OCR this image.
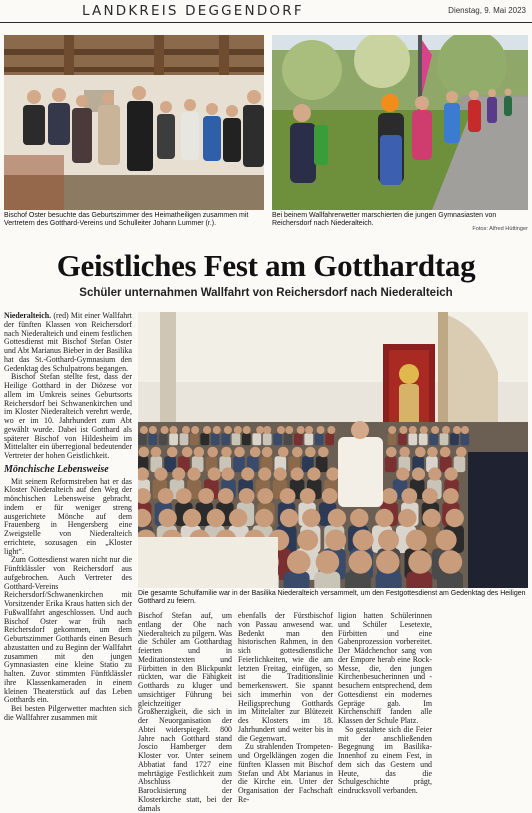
LANDKREIS DEGGENDORF	Dienstag, 9. Mai 2023
Bischof Oster besuchte das Geburtszimmer des Heimatheiligen zusammen mit Vertretern des Gotthard-Vereins und Schulleiter Johann Lummer (r.).
Bei beinem Wallfahrerwetter marschierten die jungen Gymnasiasten von Reichersdorf nach Niederalteich.
Fotos: Alfred Hüttinger
Geistliches Fest am Gotthardtag
Schüler unternahmen Wallfahrt von Reichersdorf nach Niederalteich

Niederalteich. (red) Mit einer Wallfahrt der fünften Klassen von Reichersdorf nach Niederalteich und einem festlichen Gottesdienst mit Bischof Stefan Oster und Abt Marianus Bieber in der Basilika hat das St.-Gotthard-Gymnasium den Gedenktag des Schulpatrons begangen.

Bischof Stefan stellte fest, dass der Heilige Gotthard in der Diözese vor allem im Umkreis seines Geburtsorts Reichersdorf bei Schwanenkirchen und im Kloster Niederalteich verehrt werde, wo er im 10. Jahrhundert zum Abt gewählt wurde. Dabei ist Gotthard als späterer Bischof von Hildesheim im Mittelalter ein überregional bedeutender Vertreter der hohen Geistlichkeit.

Mönchische Lebensweise

Mit seinem Reformstreben hat er das Kloster Niederalteich auf den Weg der mönchischen Lebensweise gebracht, indem er für weniger streng ausgerichtete Mönche auf dem Frauenberg in Hengersberg eine Zweigstelle von Niederalteich errichtete, sozusagen ein „Kloster light“.

Zum Gottesdienst waren nicht nur die Fünftklässler von Reichersdorf aus aufgebrochen. Auch Vertreter des Gotthard-Vereins Reichersdorf/Schwanenkirchen mit Vorsitzender Erika Kraus hatten sich der Fußwallfahrt angeschlossen. Und auch Bischof Oster war früh nach Reichersdorf gekommen, um dem Geburtszimmer Gotthards einen Besuch abzustatten und zu Beginn der Wallfahrt zusammen mit den jungen Gymnasiasten eine kleine Statio zu halten. Zuvor stimmten Fünftklässler ihre Klassenkameraden in einem kleinen Theaterstück auf das Leben Gotthards ein.

Bei besten Pilgerwetter machten sich die Wallfahrer zusammen mit

Die gesamte Schulfamilie war in der Basilika Niederalteich versammelt, um den Festgottesdienst am Gedenktag des Heiligen Gotthard zu feiern.

Bischof Stefan auf, um entlang der Ohe nach Niederalteich zu pilgern. Was die Schüler am Gotthardtag feierten und in Meditationstexten und Fürbitten in den Blickpunkt rückten, war die Fähigkeit Gotthards zu kluger und umsichtiger Führung bei gleichzeitiger Großherzigkeit, die sich in der Neuorganisation der Abtei widerspiegelt. 800 Jahre nach Gotthard stand Joscio Hamberger dem Kloster vor. Unter seinem Abbatiat fand 1727 eine mehrtägige Festlichkeit zum Abschluss der Barockisierung der Klosterkirche statt, bei der damals

ebenfalls der Fürstbischof von Passau anwesend war. Bedenkt man den historischen Rahmen, in den sich gottesdienstliche Feierlichkeiten, wie die am letzten Freitag, einfügen, so ist die Traditionslinie bemerkenswert. Sie spannt sich immerhin von der Heiligsprechung Gotthards im Mittelalter zur Blütezeit des Klosters im 18. Jahrhundert und weiter bis in die Gegenwart.

Zu strahlenden Trompeten- und Orgelklängen zogen die fünften Klassen mit Bischof Stefan und Abt Marianus in die Kirche ein. Unter der Organisation der Fachschaft Re-

ligion hatten Schülerinnen und Schüler Lesetexte, Fürbitten und eine Gabenprozession vorbereitet. Der Mädchenchor sang von der Empore herab eine Rock-Messe, die, den jungen Kirchenbesucherinnen und -besuchern entsprechend, dem Gottesdienst ein modernes Gepräge gab. Im Kirchenschiff fanden alle Klassen der Schule Platz.

So gestaltete sich die Feier mit der anschließenden Begegnung im Basilika-Innenhof zu einem Fest, in dem sich das Gestern und Heute, das die Schulgeschichte prägt, eindrucksvoll verbanden.
